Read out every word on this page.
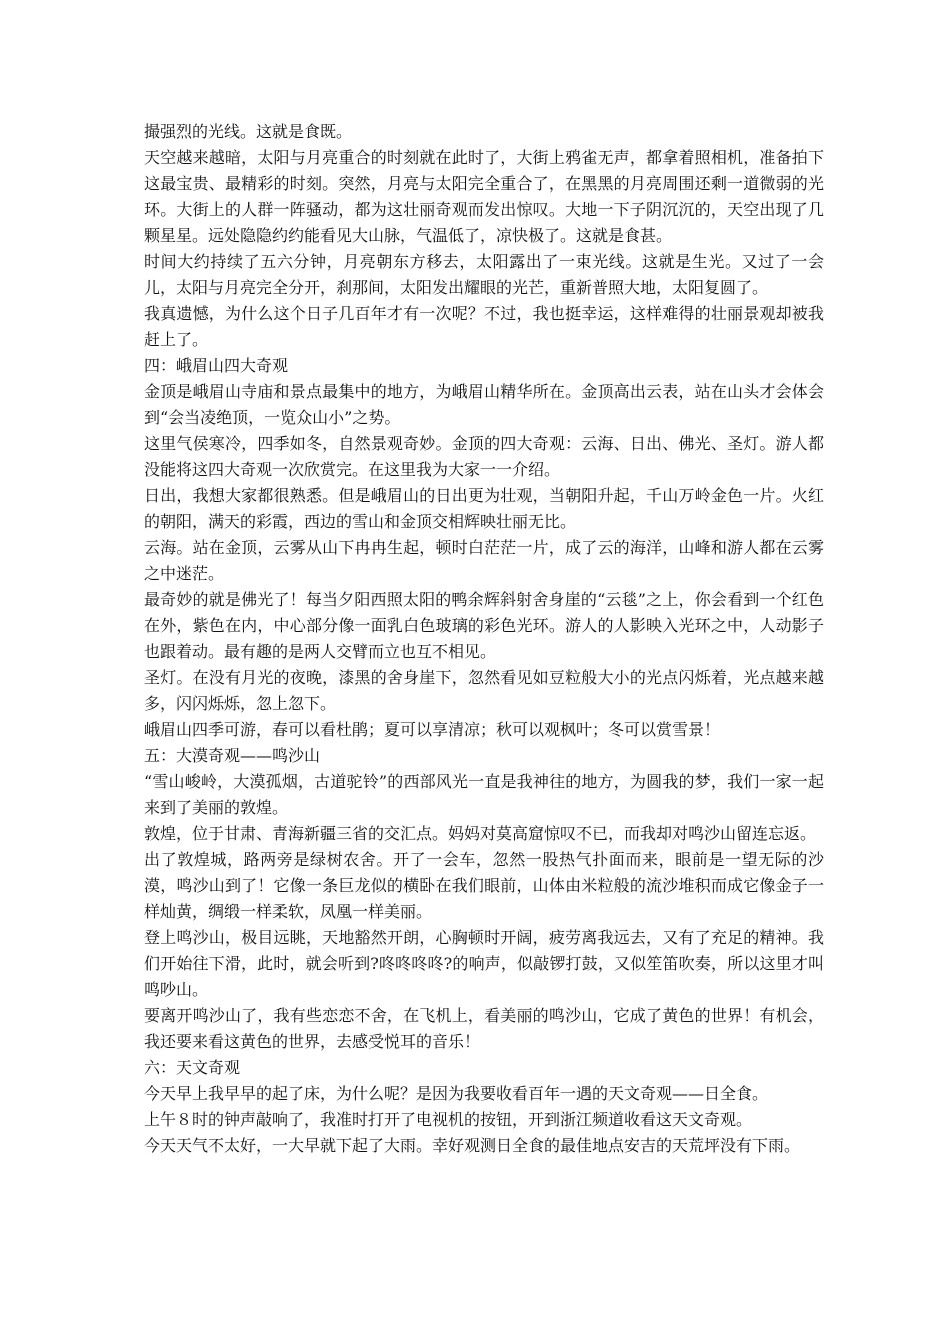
撮强烈的光线。这就是食既。

天空越来越暗，太阳与月亮重合的时刻就在此时了，大街上鸦雀无声，都拿着照相机，准备拍下这最宝贵、最精彩的时刻。突然，月亮与太阳完全重合了，在黑黑的月亮周围还剩一道微弱的光环。大街上的人群一阵骚动，都为这壮丽奇观而发出惊叹。大地一下子阴沉沉的，天空出现了几颗星星。远处隐隐约约能看见大山脉，气温低了，凉快极了。这就是食甚。

时间大约持续了五六分钟，月亮朝东方移去，太阳露出了一束光线。这就是生光。又过了一会儿，太阳与月亮完全分开，刹那间，太阳发出耀眼的光芒，重新普照大地，太阳复圆了。

我真遗憾，为什么这个日子几百年才有一次呢？不过，我也挺幸运，这样难得的壮丽景观却被我赶上了。

四：峨眉山四大奇观

金顶是峨眉山寺庙和景点最集中的地方，为峨眉山精华所在。金顶高出云表，站在山头才会体会到“会当凌绝顶，一览众山小”之势。

这里气侯寒冷，四季如冬，自然景观奇妙。金顶的四大奇观：云海、日出、佛光、圣灯。游人都没能将这四大奇观一次欣赏完。在这里我为大家一一介绍。

日出，我想大家都很熟悉。但是峨眉山的日出更为壮观，当朝阳升起，千山万岭金色一片。火红的朝阳，满天的彩霞，西边的雪山和金顶交相辉映壮丽无比。

云海。站在金顶，云雾从山下冉冉生起，顿时白茫茫一片，成了云的海洋，山峰和游人都在云雾之中迷茫。

最奇妙的就是佛光了！每当夕阳西照太阳的鸭余辉斜射舍身崖的“云毯”之上，你会看到一个红色在外，紫色在内，中心部分像一面乳白色玻璃的彩色光环。游人的人影映入光环之中，人动影子也跟着动。最有趣的是两人交臂而立也互不相见。

圣灯。在没有月光的夜晚，漆黑的舍身崖下，忽然看见如豆粒般大小的光点闪烁着，光点越来越多，闪闪烁烁，忽上忽下。

峨眉山四季可游，春可以看杜鹃；夏可以享清凉；秋可以观枫叶；冬可以赏雪景！

五：大漠奇观——鸣沙山

“雪山峻岭，大漠孤烟，古道驼铃”的西部风光一直是我神往的地方，为圆我的梦，我们一家一起来到了美丽的敦煌。

敦煌，位于甘肃、青海新疆三省的交汇点。妈妈对莫高窟惊叹不已，而我却对鸣沙山留连忘返。

出了敦煌城，路两旁是绿树农舍。开了一会车，忽然一股热气扑面而来，眼前是一望无际的沙漠，鸣沙山到了！它像一条巨龙似的横卧在我们眼前，山体由米粒般的流沙堆积而成它像金子一样灿黄，绸缎一样柔软，凤凰一样美丽。

登上鸣沙山，极目远眺，天地豁然开朗，心胸顿时开阔，疲劳离我远去，又有了充足的精神。我们开始往下滑，此时，就会听到?咚咚咚咚?的响声，似敲锣打鼓，又似笙笛吹奏，所以这里才叫鸣吵山。

要离开鸣沙山了，我有些恋恋不舍，在飞机上，看美丽的鸣沙山，它成了黄色的世界！有机会，我还要来看这黄色的世界，去感受悦耳的音乐！

六：天文奇观

今天早上我早早的起了床，为什么呢？是因为我要收看百年一遇的天文奇观——日全食。

上午８时的钟声敲响了，我准时打开了电视机的按钮，开到浙江频道收看这天文奇观。

今天天气不太好，一大早就下起了大雨。幸好观测日全食的最佳地点安吉的天荒坪没有下雨。
